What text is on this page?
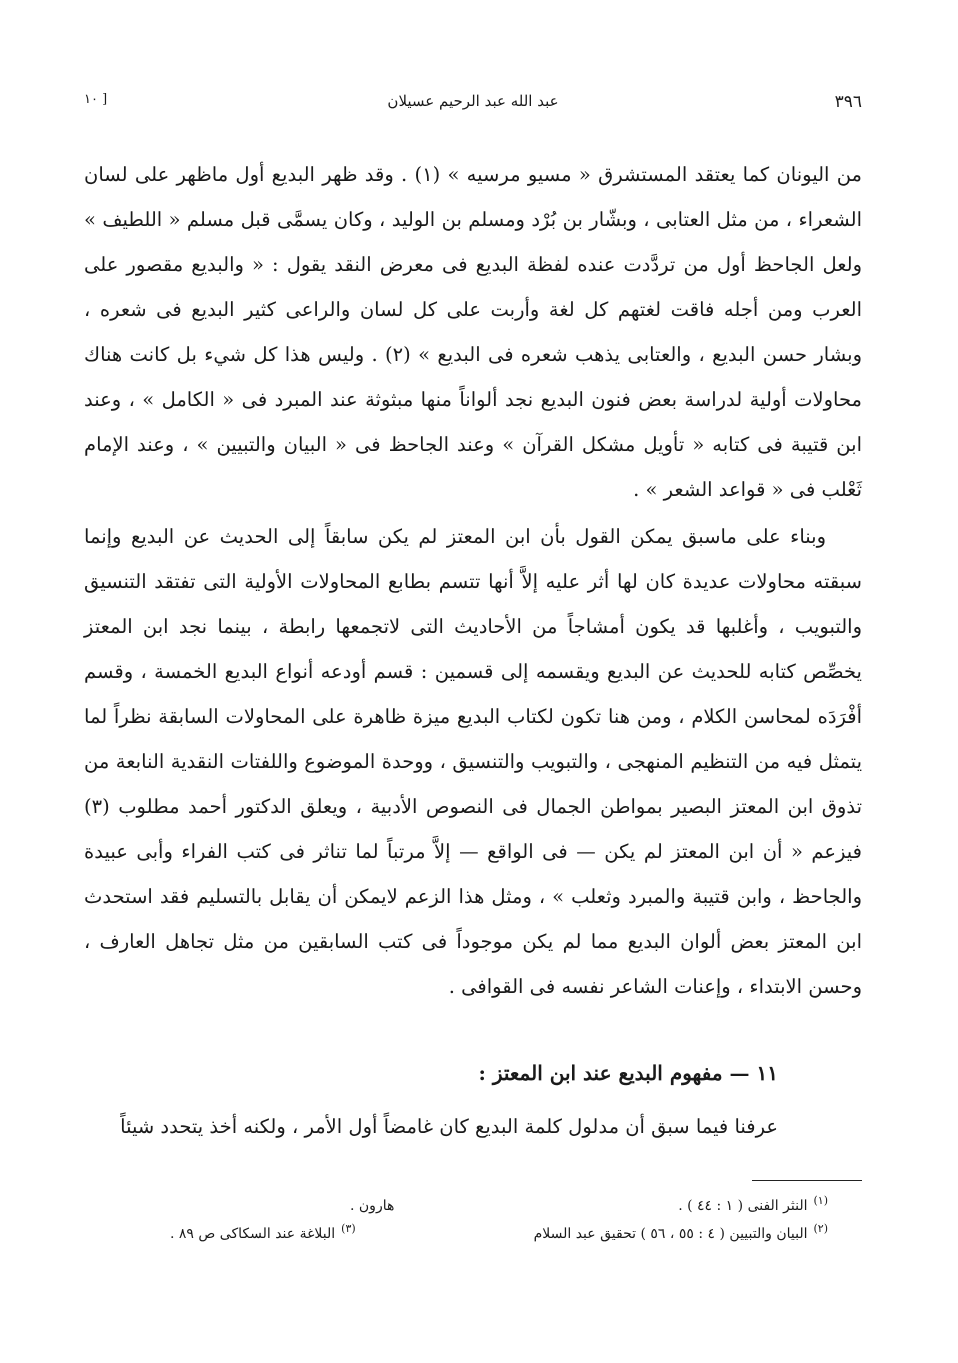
٣٩٦
عبد الله عبد الرحيم عسيلان
[ ١٠

من اليونان كما يعتقد المستشرق « مسيو مرسيه » (١) . وقد ظهر البديع أول ماظهر على لسان الشعراء ، من مثل العتابى ، وبشّار بن بُرْد ومسلم بن الوليد ، وكان يسمَّى قبل مسلم « اللطيف » ولعل الجاحظ أول من تردَّدت عنده لفظة البديع فى معرض النقد يقول : « والبديع مقصور على العرب ومن أجله فاقت لغتهم كل لغة وأربت على كل لسان والراعى كثير البديع فى شعره ، وبشار حسن البديع ، والعتابى يذهب شعره فى البديع » (٢) . وليس هذا كل شيء بل كانت هناك محاولات أولية لدراسة بعض فنون البديع نجد ألواناً منها مبثوثة عند المبرد فى « الكامل » ، وعند ابن قتيبة فى كتابه « تأويل مشكل القرآن » وعند الجاحظ فى « البيان والتبيين » ، وعند الإمام ثَعْلب فى « قواعد الشعر » .

وبناء على ماسبق يمكن القول بأن ابن المعتز لم يكن سابقاً إلى الحديث عن البديع وإنما سبقته محاولات عديدة كان لها أثر عليه إلاَّ أنها تتسم بطابع المحاولات الأولية التى تفتقد التنسيق والتبويب ، وأغلبها قد يكون أمشاجاً من الأحاديث التى لاتجمعها رابطة ، بينما نجد ابن المعتز يخصِّص كتابه للحديث عن البديع ويقسمه إلى قسمين : قسم أودعه أنواع البديع الخمسة ، وقسم أفْرَدَه لمحاسن الكلام ، ومن هنا تكون لكتاب البديع ميزة ظاهرة على المحاولات السابقة نظراً لما يتمثل فيه من التنظيم المنهجى ، والتبويب والتنسيق ، ووحدة الموضوع واللفتات النقدية النابعة من تذوق ابن المعتز البصير بمواطن الجمال فى النصوص الأدبية ، ويعلق الدكتور أحمد مطلوب (٣) فيزعم « أن ابن المعتز لم يكن — فى الواقع — إلاَّ مرتباً لما تناثر فى كتب الفراء وأبى عبيدة والجاحظ ، وابن قتيبة والمبرد وثعلب » ، ومثل هذا الزعم لايمكن أن يقابل بالتسليم فقد استحدث ابن المعتز بعض ألوان البديع مما لم يكن موجوداً فى كتب السابقين من مثل تجاهل العارف ، وحسن الابتداء ، وإعنات الشاعر نفسه فى القوافى .

١١ — مفهوم البديع عند ابن المعتز :

عرفنا فيما سبق أن مدلول كلمة البديع كان غامضاً أول الأمر ، ولكنه أخذ يتحدد شيئاً

$^{(١)}$النثر الفنى ( ١ : ٤٤ ) .
هارون .
$^{(٢)}$البيان والتبيين ( ٤ : ٥٥ ، ٥٦ ) تحقيق عبد السلام
$^{(٣)}$البلاغة عند السكاكى ص ٨٩ .
